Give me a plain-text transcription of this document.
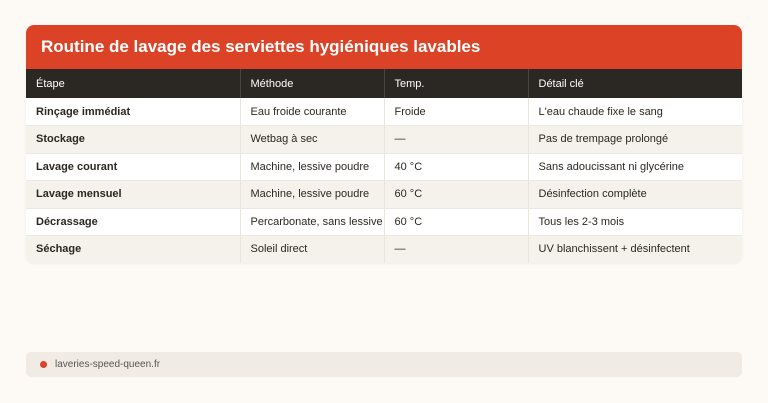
Routine de lavage des serviettes hygiéniques lavables
Étape	Méthode	Temp.	Détail clé
Rinçage immédiat	Eau froide courante	Froide	L'eau chaude fixe le sang
Stockage	Wetbag à sec	—	Pas de trempage prolongé
Lavage courant	Machine, lessive poudre	40 °C	Sans adoucissant ni glycérine
Lavage mensuel	Machine, lessive poudre	60 °C	Désinfection complète
Décrassage	Percarbonate, sans lessive	60 °C	Tous les 2-3 mois
Séchage	Soleil direct	—	UV blanchissent + désinfectent
laveries-speed-queen.fr
